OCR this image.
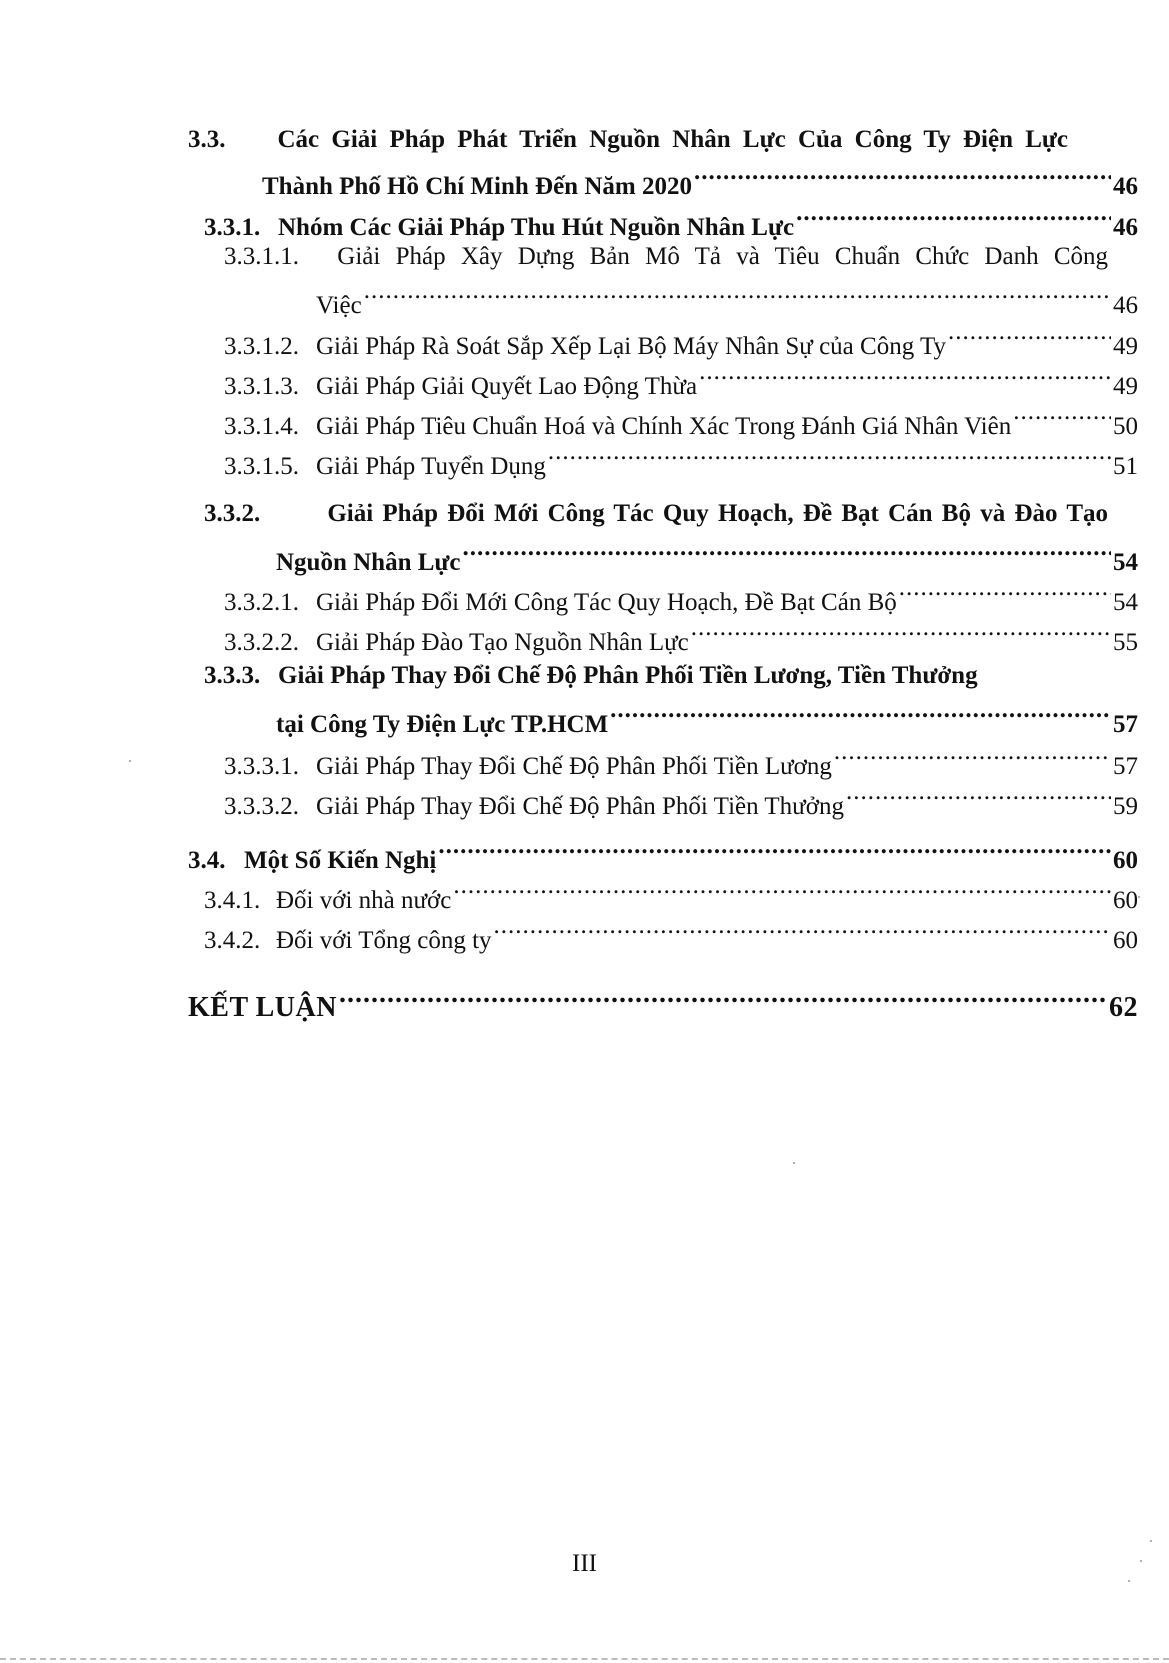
3.3.	Các Giải Pháp Phát Triển Nguồn Nhân Lực Của Công Ty Điện Lực
Thành Phố Hồ Chí Minh Đến Năm 2020 .....	46
3.3.1. Nhóm Các Giải Pháp Thu Hút Nguồn Nhân Lực .....	46
3.3.1.1.	Giải Pháp Xây Dựng Bản Mô Tả và Tiêu Chuẩn Chức Danh Công
Việc .....	46
3.3.1.2. Giải Pháp Rà Soát Sắp Xếp Lại Bộ Máy Nhân Sự của Công Ty .....	49
3.3.1.3. Giải Pháp Giải Quyết Lao Động Thừa .....	49
3.3.1.4. Giải Pháp Tiêu Chuẩn Hoá và Chính Xác Trong Đánh Giá Nhân Viên .....	50
3.3.1.5. Giải Pháp Tuyển Dụng .....	51
3.3.2.	Giải Pháp Đổi Mới Công Tác Quy Hoạch, Đề Bạt Cán Bộ và Đào Tạo
Nguồn Nhân Lực .....	54
3.3.2.1. Giải Pháp Đổi Mới Công Tác Quy Hoạch, Đề Bạt Cán Bộ .....	54
3.3.2.2. Giải Pháp Đào Tạo Nguồn Nhân Lực .....	55
3.3.3. Giải Pháp Thay Đổi Chế Độ Phân Phối Tiền Lương, Tiền Thưởng
tại Công Ty Điện Lực TP.HCM .....	57
3.3.3.1. Giải Pháp Thay Đổi Chế Độ Phân Phối Tiền Lương .....	57
3.3.3.2. Giải Pháp Thay Đổi Chế Độ Phân Phối Tiền Thưởng .....	59
3.4. Một Số Kiến Nghị .....	60
3.4.1. Đối với nhà nước .....	60
3.4.2. Đối với Tổng công ty .....	60
KẾT LUẬN .....	62
III
